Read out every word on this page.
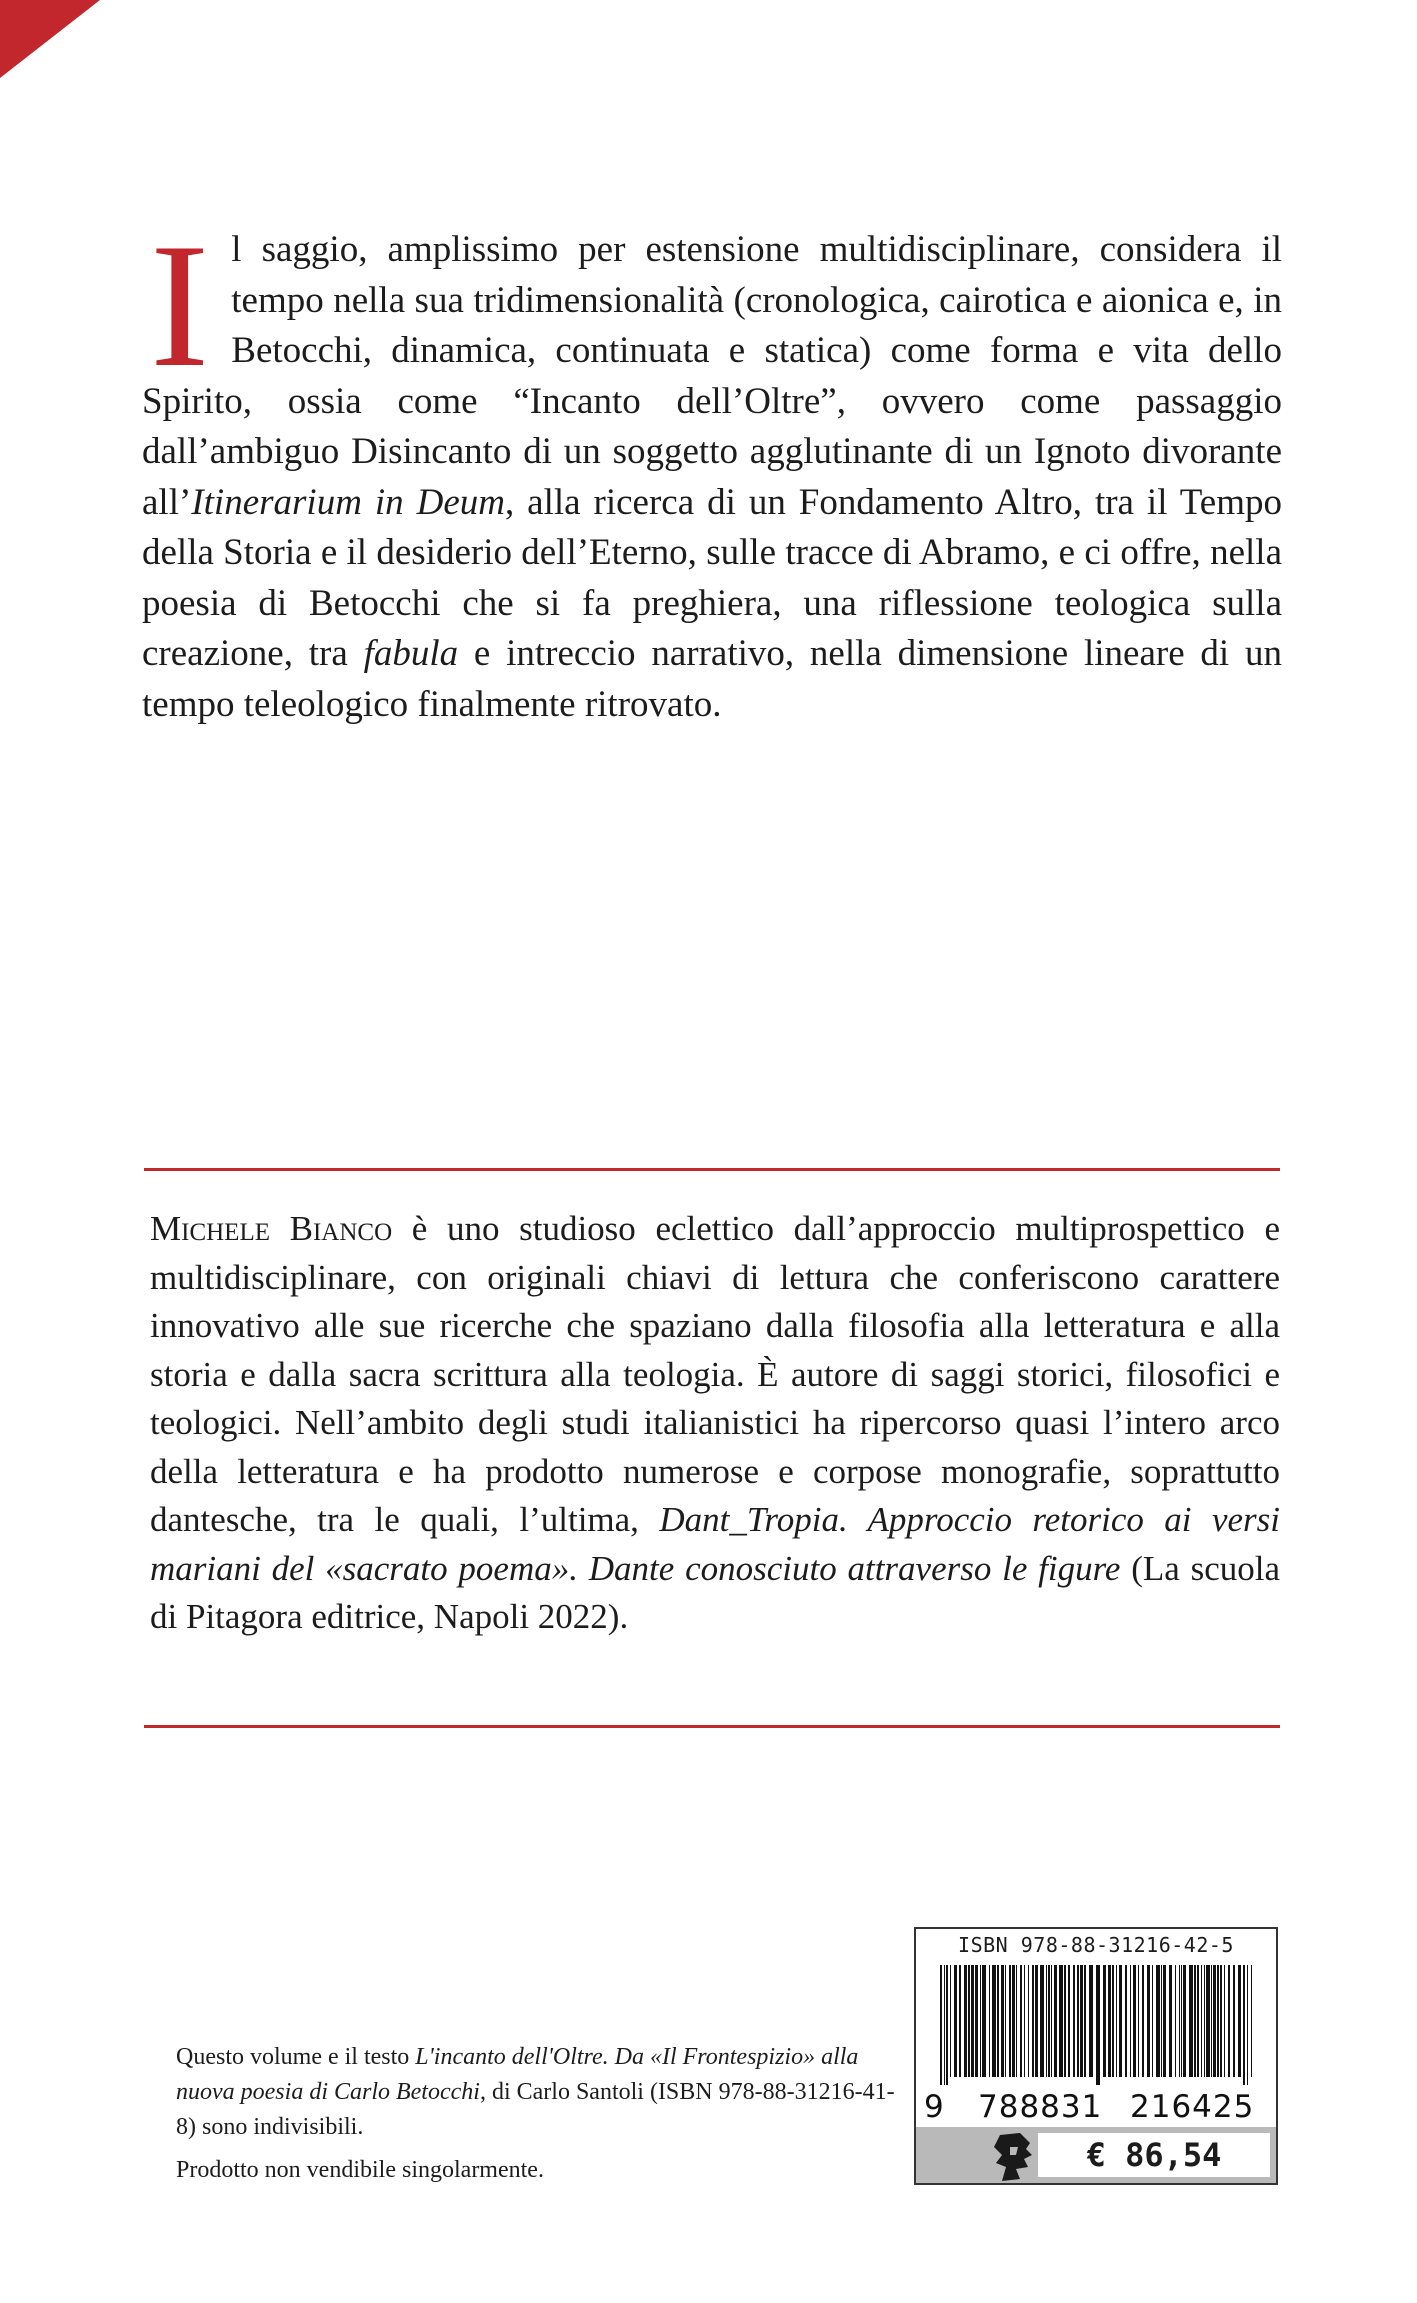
Il saggio, amplissimo per estensione multidisciplinare, considera il tempo nella sua tridimensionalità (cronologica, cairotica e aionica e, in Betocchi, dinamica, continuata e statica) come forma e vita dello Spirito, ossia come “Incanto dell’Oltre”, ovvero come passaggio dall’ambiguo Disincanto di un soggetto agglutinante di un Ignoto divorante all’Itinerarium in Deum, alla ricerca di un Fondamento Altro, tra il Tempo della Storia e il desiderio dell’Eterno, sulle tracce di Abramo, e ci offre, nella poesia di Betocchi che si fa preghiera, una riflessione teologica sulla creazione, tra fabula e intreccio narrativo, nella dimensione lineare di un tempo teleologico finalmente ritrovato.

Michele Bianco è uno studioso eclettico dall’approccio multiprospettico e multidisciplinare, con originali chiavi di lettura che conferiscono carattere innovativo alle sue ricerche che spaziano dalla filosofia alla letteratura e alla storia e dalla sacra scrittura alla teologia. È autore di saggi storici, filosofici e teologici. Nell’ambito degli studi italianistici ha ripercorso quasi l’intero arco della letteratura e ha prodotto numerose e corpose monografie, soprattutto dantesche, tra le quali, l’ultima, Dant_Tropia. Approccio retorico ai versi mariani del «sacrato poema». Dante conosciuto attraverso le figure (La scuola di Pitagora editrice, Napoli 2022).

Questo volume e il testo L'incanto dell'Oltre. Da «Il Frontespizio» alla nuova poesia di Carlo Betocchi, di Carlo Santoli (ISBN 978-88-31216-41-8) sono indivisibili.

Prodotto non vendibile singolarmente.

ISBN 978-88-31216-42-5
9 788831 216425
€ 86,54
